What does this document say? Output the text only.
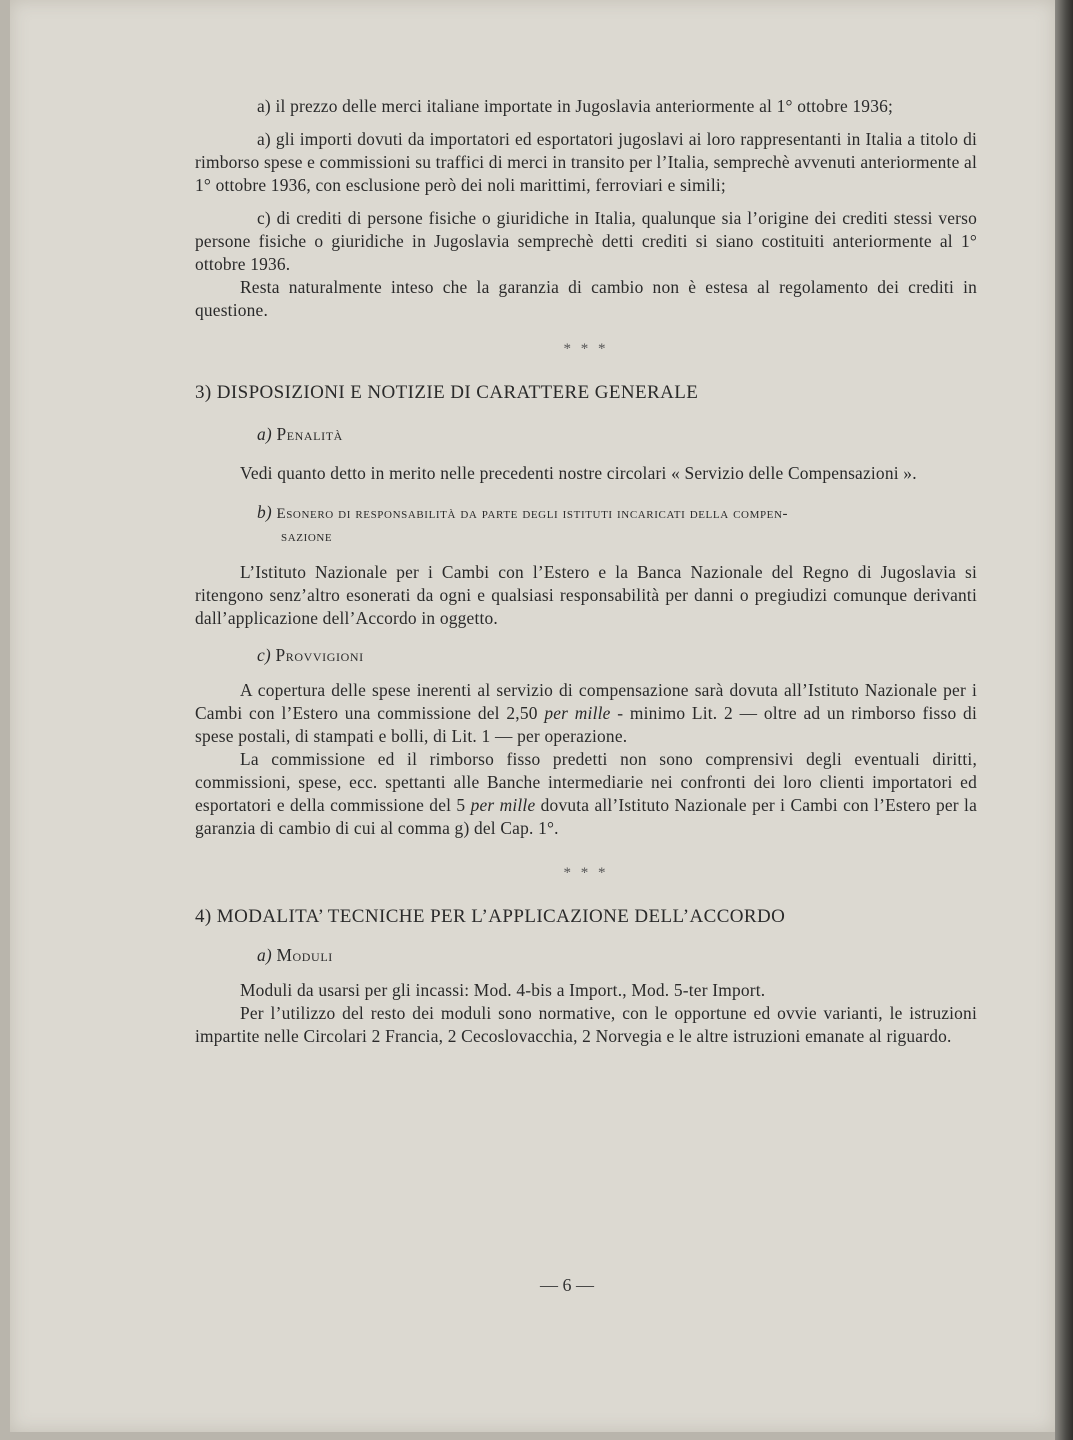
a) il prezzo delle merci italiane importate in Jugoslavia anteriormente al 1° ottobre 1936;

a) gli importi dovuti da importatori ed esportatori jugoslavi ai loro rappresentanti in Italia a titolo di rimborso spese e commissioni su traffici di merci in transito per l’Italia, semprechè avvenuti anteriormente al 1° ottobre 1936, con esclusione però dei noli marittimi, ferroviari e simili;

c) di crediti di persone fisiche o giuridiche in Italia, qualunque sia l’origine dei crediti stessi verso persone fisiche o giuridiche in Jugoslavia semprechè detti crediti si siano costituiti anteriormente al 1° ottobre 1936.

Resta naturalmente inteso che la garanzia di cambio non è estesa al regolamento dei crediti in questione.

* * *

3) DISPOSIZIONI E NOTIZIE DI CARATTERE GENERALE

a) Penalità

Vedi quanto detto in merito nelle precedenti nostre circolari « Servizio delle Compensazioni ».

b) Esonero di responsabilità da parte degli istituti incaricati della compen-

sazione

L’Istituto Nazionale per i Cambi con l’Estero e la Banca Nazionale del Regno di Jugoslavia si ritengono senz’altro esonerati da ogni e qualsiasi responsabilità per danni o pregiudizi comunque derivanti dall’applicazione dell’Accordo in oggetto.

c) Provvigioni

A copertura delle spese inerenti al servizio di compensazione sarà dovuta all’Istituto Nazionale per i Cambi con l’Estero una commissione del 2,50 per mille - minimo Lit. 2 — oltre ad un rimborso fisso di spese postali, di stampati e bolli, di Lit. 1 — per operazione.

La commissione ed il rimborso fisso predetti non sono comprensivi degli eventuali diritti, commissioni, spese, ecc. spettanti alle Banche intermediarie nei confronti dei loro clienti importatori ed esportatori e della commissione del 5 per mille dovuta all’Istituto Nazionale per i Cambi con l’Estero per la garanzia di cambio di cui al comma g) del Cap. 1°.

* * *

4) MODALITA’ TECNICHE PER L’APPLICAZIONE DELL’ACCORDO

a) Moduli

Moduli da usarsi per gli incassi: Mod. 4-bis a Import., Mod. 5-ter Import.

Per l’utilizzo del resto dei moduli sono normative, con le opportune ed ovvie varianti, le istruzioni impartite nelle Circolari 2 Francia, 2 Cecoslovacchia, 2 Norvegia e le altre istruzioni emanate al riguardo.

— 6 —
